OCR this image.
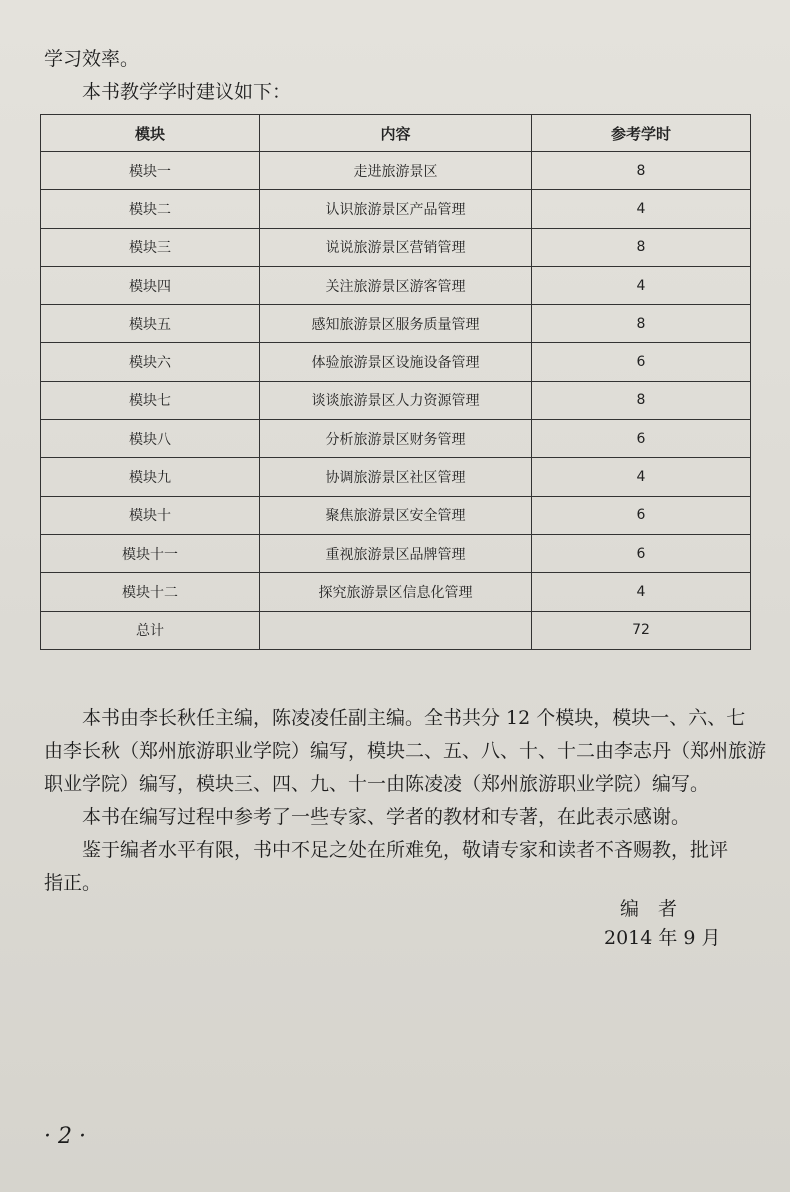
学习效率。
本书教学学时建议如下：
模块	内容	参考学时
模块一	走进旅游景区	8
模块二	认识旅游景区产品管理	4
模块三	说说旅游景区营销管理	8
模块四	关注旅游景区游客管理	4
模块五	感知旅游景区服务质量管理	8
模块六	体验旅游景区设施设备管理	6
模块七	谈谈旅游景区人力资源管理	8
模块八	分析旅游景区财务管理	6
模块九	协调旅游景区社区管理	4
模块十	聚焦旅游景区安全管理	6
模块十一	重视旅游景区品牌管理	6
模块十二	探究旅游景区信息化管理	4
总计		72
本书由李长秋任主编，陈凌凌任副主编。全书共分 12 个模块，模块一、六、七
由李长秋（郑州旅游职业学院）编写，模块二、五、八、十、十二由李志丹（郑州旅游
职业学院）编写，模块三、四、九、十一由陈凌凌（郑州旅游职业学院）编写。
本书在编写过程中参考了一些专家、学者的教材和专著，在此表示感谢。
鉴于编者水平有限，书中不足之处在所难免，敬请专家和读者不吝赐教，批评
指正。
编　者
2014 年 9 月
· 2 ·
